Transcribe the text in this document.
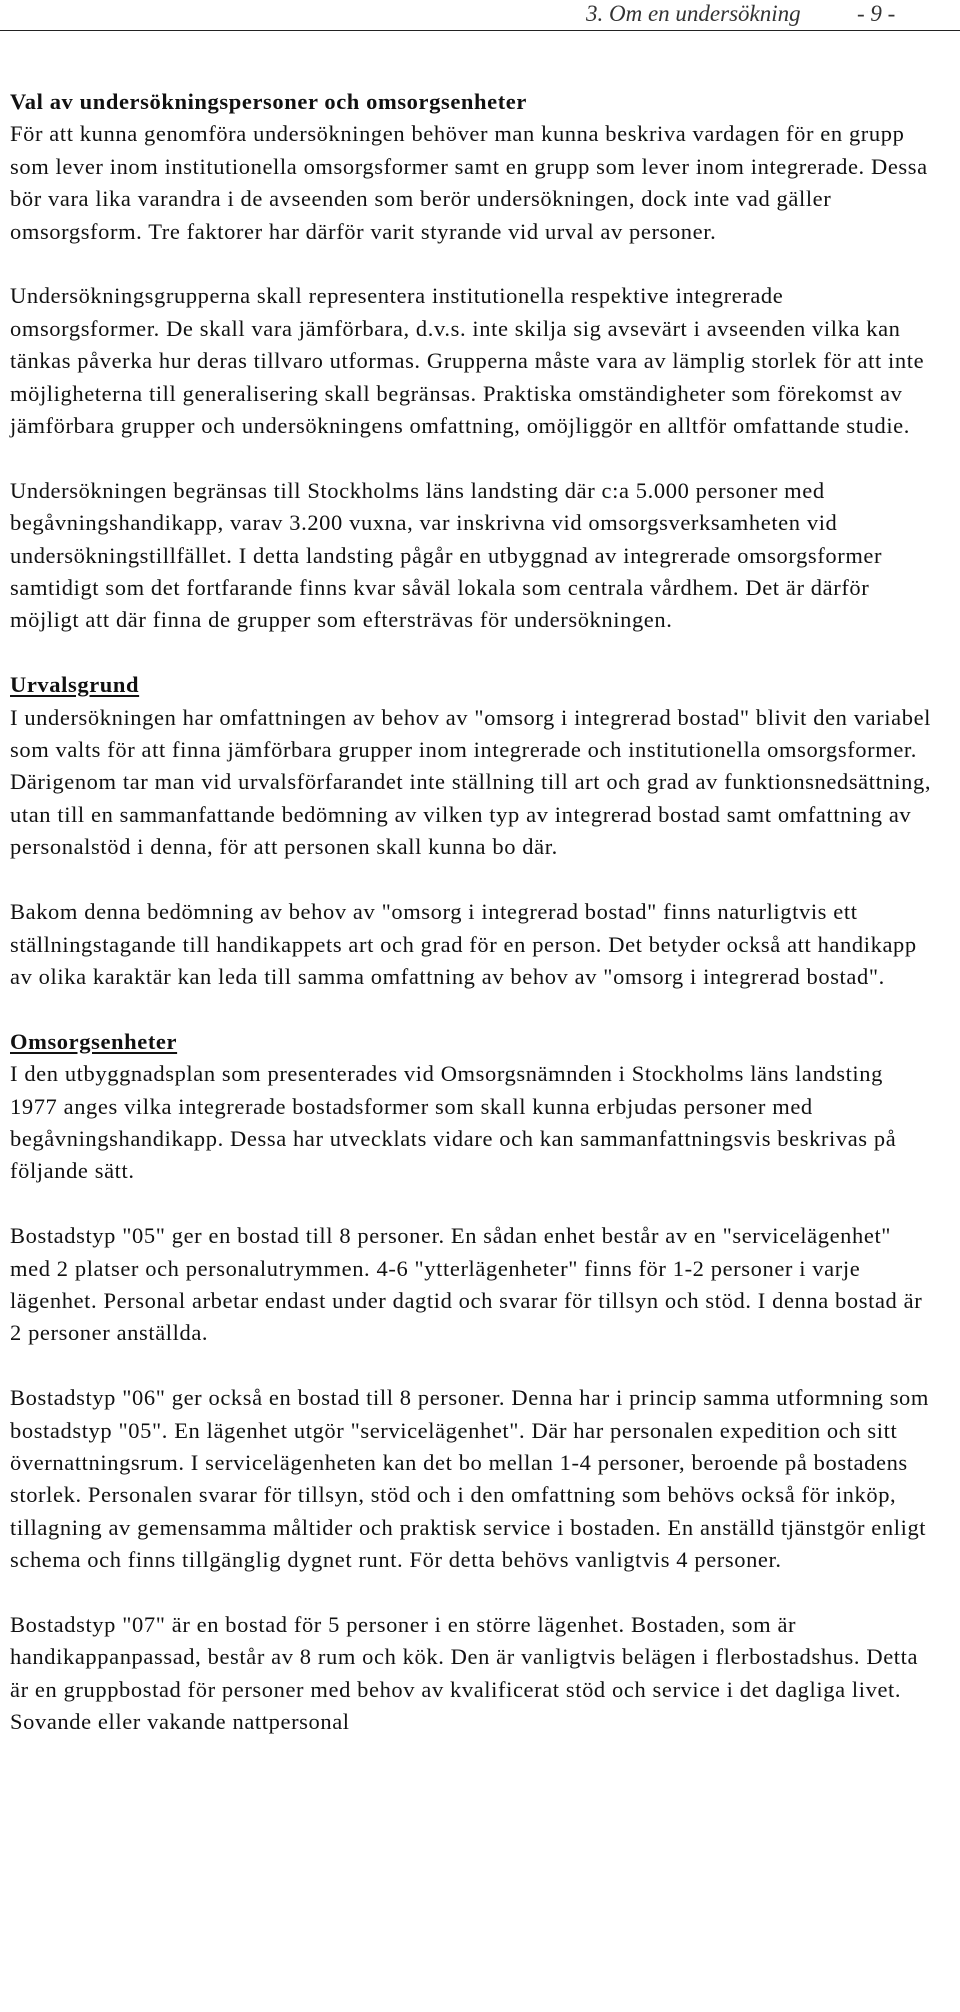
3. Om en undersökning - 9 -
Val av undersökningspersoner och omsorgsenheter

För att kunna genomföra undersökningen behöver man kunna beskriva vardagen för en grupp som lever inom institutionella omsorgsformer samt en grupp som lever inom integrerade. Dessa bör vara lika varandra i de avseenden som berör undersökningen, dock inte vad gäller omsorgsform. Tre faktorer har därför varit styrande vid urval av personer.

Undersökningsgrupperna skall representera institutionella respektive integrerade omsorgsformer. De skall vara jämförbara, d.v.s. inte skilja sig avsevärt i avseenden vilka kan tänkas påverka hur deras tillvaro utformas. Grupperna måste vara av lämplig storlek för att inte möjligheterna till generalisering skall begränsas. Praktiska omständigheter som förekomst av jämförbara grupper och undersökningens omfattning, omöjliggör en alltför omfattande studie.

Undersökningen begränsas till Stockholms läns landsting där c:a 5.000 personer med begåvningshandikapp, varav 3.200 vuxna, var inskrivna vid omsorgsverksamheten vid undersökningstillfället. I detta landsting pågår en utbyggnad av integrerade omsorgsformer samtidigt som det fortfarande finns kvar såväl lokala som centrala vårdhem. Det är därför möjligt att där finna de grupper som eftersträvas för undersökningen.

Urvalsgrund

I undersökningen har omfattningen av behov av "omsorg i integrerad bostad" blivit den variabel som valts för att finna jämförbara grupper inom integrerade och institutionella omsorgsformer. Därigenom tar man vid urvalsförfarandet inte ställning till art och grad av funktionsnedsättning, utan till en sammanfattande bedömning av vilken typ av integrerad bostad samt omfattning av personalstöd i denna, för att personen skall kunna bo där.

Bakom denna bedömning av behov av "omsorg i integrerad bostad" finns naturligtvis ett ställningstagande till handikappets art och grad för en person. Det betyder också att handikapp av olika karaktär kan leda till samma omfattning av behov av "omsorg i integrerad bostad".

Omsorgsenheter

I den utbyggnadsplan som presenterades vid Omsorgsnämnden i Stockholms läns landsting 1977 anges vilka integrerade bostadsformer som skall kunna erbjudas personer med begåvningshandikapp. Dessa har utvecklats vidare och kan sammanfattningsvis beskrivas på följande sätt.

Bostadstyp "05" ger en bostad till 8 personer. En sådan enhet består av en "servicelägenhet" med 2 platser och personalutrymmen. 4-6 "ytterlägenheter" finns för 1-2 personer i varje lägenhet. Personal arbetar endast under dagtid och svarar för tillsyn och stöd. I denna bostad är 2 personer anställda.

Bostadstyp "06" ger också en bostad till 8 personer. Denna har i princip samma utformning som bostadstyp "05". En lägenhet utgör "servicelägenhet". Där har personalen expedition och sitt övernattningsrum. I servicelägenheten kan det bo mellan 1-4 personer, beroende på bostadens storlek. Personalen svarar för tillsyn, stöd och i den omfattning som behövs också för inköp, tillagning av gemensamma måltider och praktisk service i bostaden. En anställd tjänstgör enligt schema och finns tillgänglig dygnet runt. För detta behövs vanligtvis 4 personer.

Bostadstyp "07" är en bostad för 5 personer i en större lägenhet. Bostaden, som är handikappanpassad, består av 8 rum och kök. Den är vanligtvis belägen i flerbostadshus. Detta är en gruppbostad för personer med behov av kvalificerat stöd och service i det dagliga livet. Sovande eller vakande nattpersonal
